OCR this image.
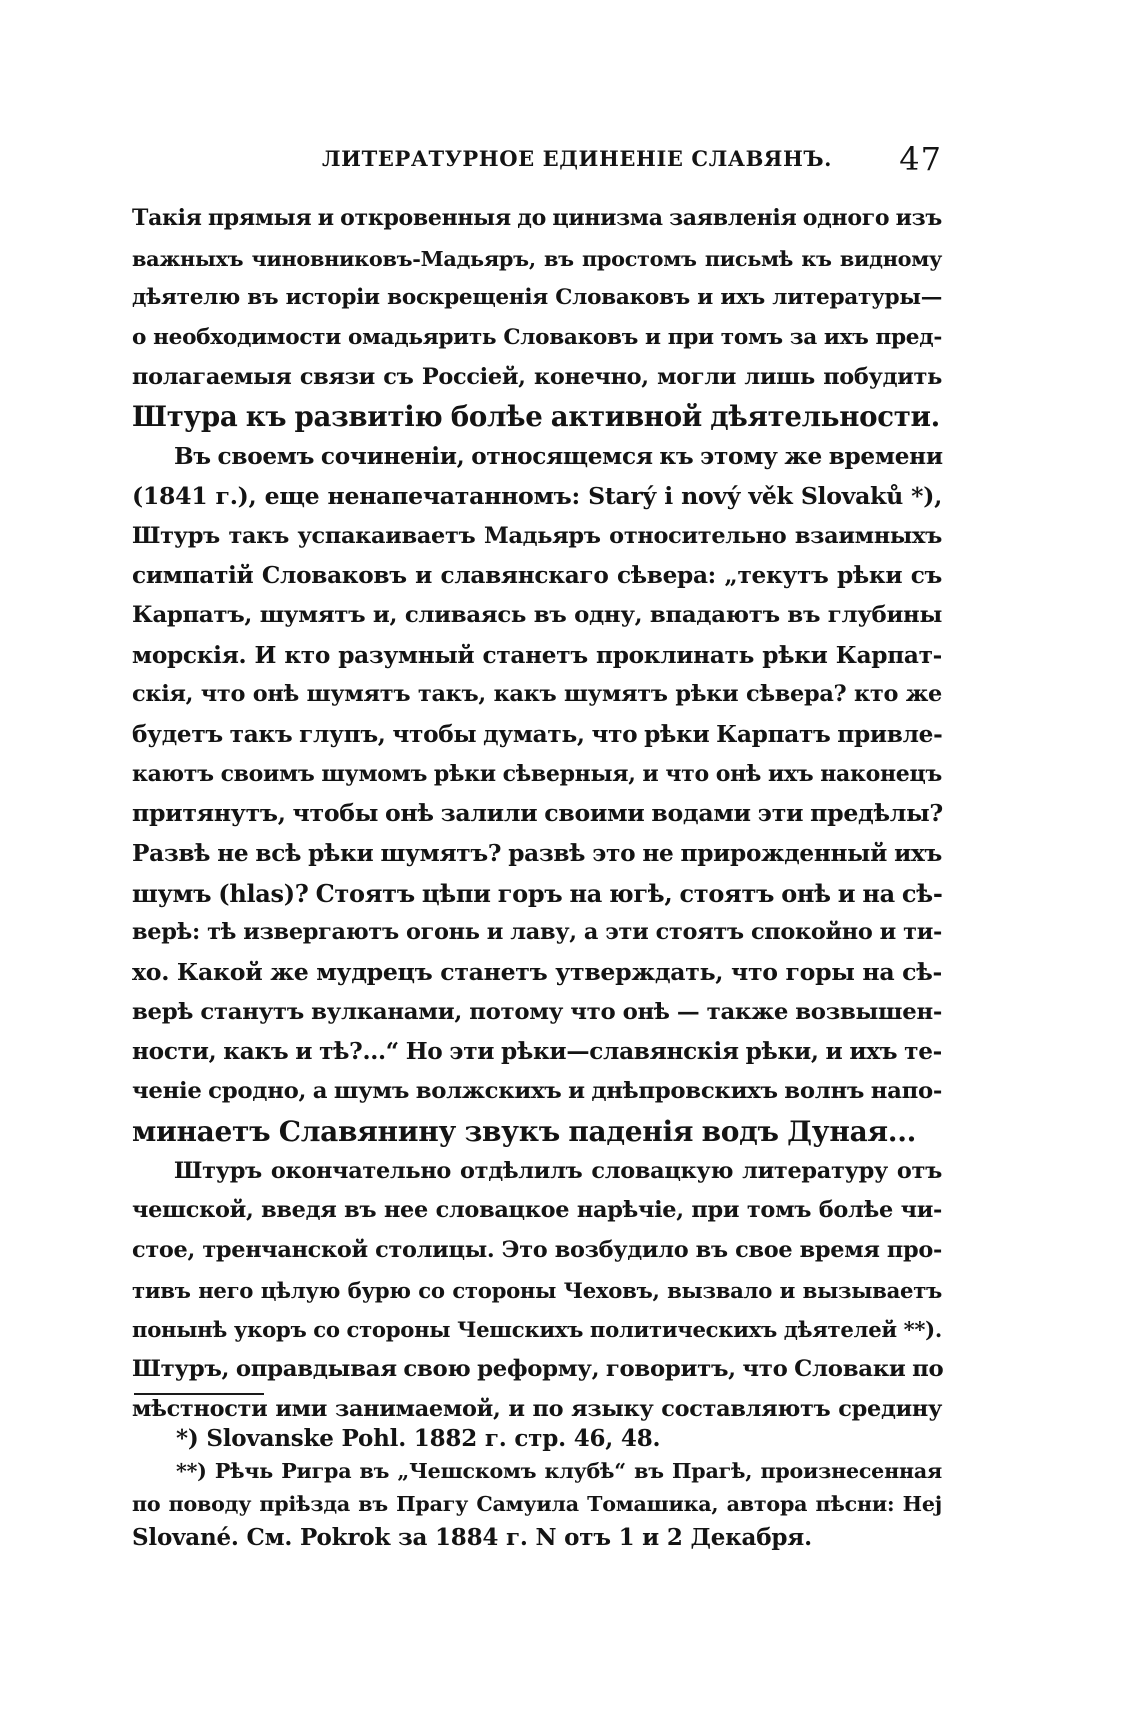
ЛИТЕРАТУРНОЕ ЕДИНЕНІЕ СЛАВЯНЪ. 47
Такія прямыя и откровенныя до цинизма заявленія одного изъ
важныхъ чиновниковъ-Мадьяръ, въ простомъ письмѣ къ видному
дѣятелю въ исторіи воскрещенія Словаковъ и ихъ литературы—
о необходимости омадьярить Словаковъ и при томъ за ихъ пред-
полагаемыя связи съ Россіей, конечно, могли лишь побудить
Штура къ развитію болѣе активной дѣятельности.
Въ своемъ сочиненіи, относящемся къ этому же времени
(1841 г.), еще ненапечатанномъ: Starý i nový věk Slovaků *),
Штуръ такъ успакаиваетъ Мадьяръ относительно взаимныхъ
симпатій Словаковъ и славянскаго сѣвера: „текутъ рѣки съ
Карпатъ, шумятъ и, сливаясь въ одну, впадаютъ въ глубины
морскія. И кто разумный станетъ проклинать рѣки Карпат-
скія, что онѣ шумятъ такъ, какъ шумятъ рѣки сѣвера? кто же
будетъ такъ глупъ, чтобы думать, что рѣки Карпатъ привле-
каютъ своимъ шумомъ рѣки сѣверныя, и что онѣ ихъ наконецъ
притянутъ, чтобы онѣ залили своими водами эти предѣлы?
Развѣ не всѣ рѣки шумятъ? развѣ это не прирожденный ихъ
шумъ (hlas)? Стоятъ цѣпи горъ на югѣ, стоятъ онѣ и на сѣ-
верѣ: тѣ извергаютъ огонь и лаву, а эти стоятъ спокойно и ти-
хо. Какой же мудрецъ станетъ утверждать, что горы на сѣ-
верѣ станутъ вулканами, потому что онѣ — также возвышен-
ности, какъ и тѣ?...“ Но эти рѣки—славянскія рѣки, и ихъ те-
ченіе сродно, а шумъ волжскихъ и днѣпровскихъ волнъ напо-
минаетъ Славянину звукъ паденія водъ Дуная...
Штуръ окончательно отдѣлилъ словацкую литературу отъ
чешской, введя въ нее словацкое нарѣчіе, при томъ болѣе чи-
стое, тренчанской столицы. Это возбудило въ свое время про-
тивъ него цѣлую бурю со стороны Чеховъ, вызвало и вызываетъ
понынѣ укоръ со стороны Чешскихъ политическихъ дѣятелей **).
Штуръ, оправдывая свою реформу, говоритъ, что Словаки по
мѣстности ими занимаемой, и по языку составляютъ средину
*) Slovanske Pohl. 1882 г. стр. 46, 48.
**) Рѣчь Ригра въ „Чешскомъ клубѣ“ въ Прагѣ, произнесенная
по поводу пріѣзда въ Прагу Самуила Томашика, автора пѣсни: Hej
Slované. См. Pokrok за 1884 г. N отъ 1 и 2 Декабря.
